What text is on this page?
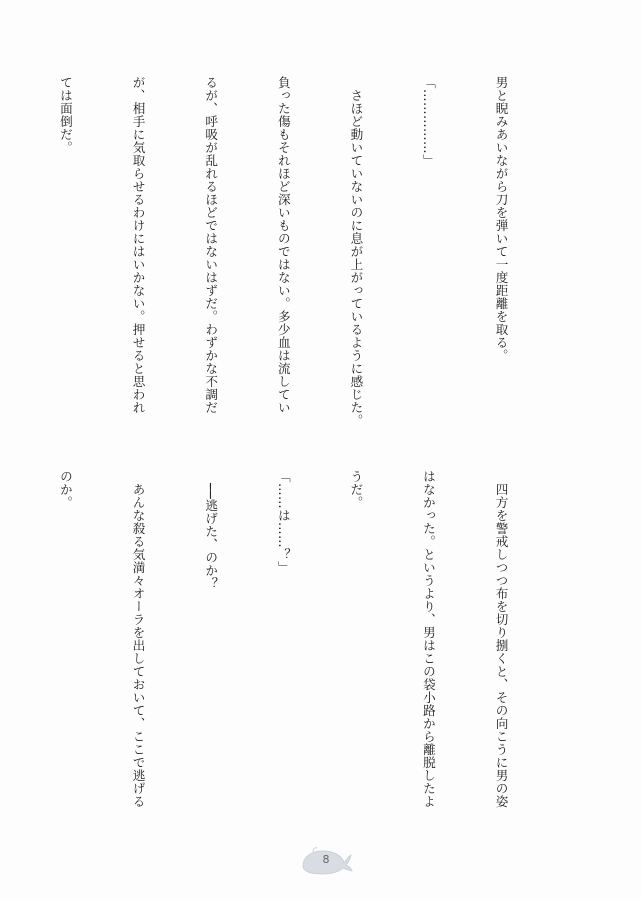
男と睨みあいながら刀を弾いて一度距離を取る。

「……………」

　さほど動いていないのに息が上がっているように感じた。

負った傷もそれほど深いものではない。多少血は流してい

るが、呼吸が乱れるほどではないはずだ。わずかな不調だ

が、相手に気取らせるわけにはいかない。押せると思われ

ては面倒だ。

　四方を警戒しつつ布を切り捌くと、その向こうに男の姿

はなかった。というより、男はこの袋小路から離脱したよ

うだ。

「……は……？」

　──逃げた、のか？

　あんな殺る気満々オーラを出しておいて、ここで逃げる

のか。

8
